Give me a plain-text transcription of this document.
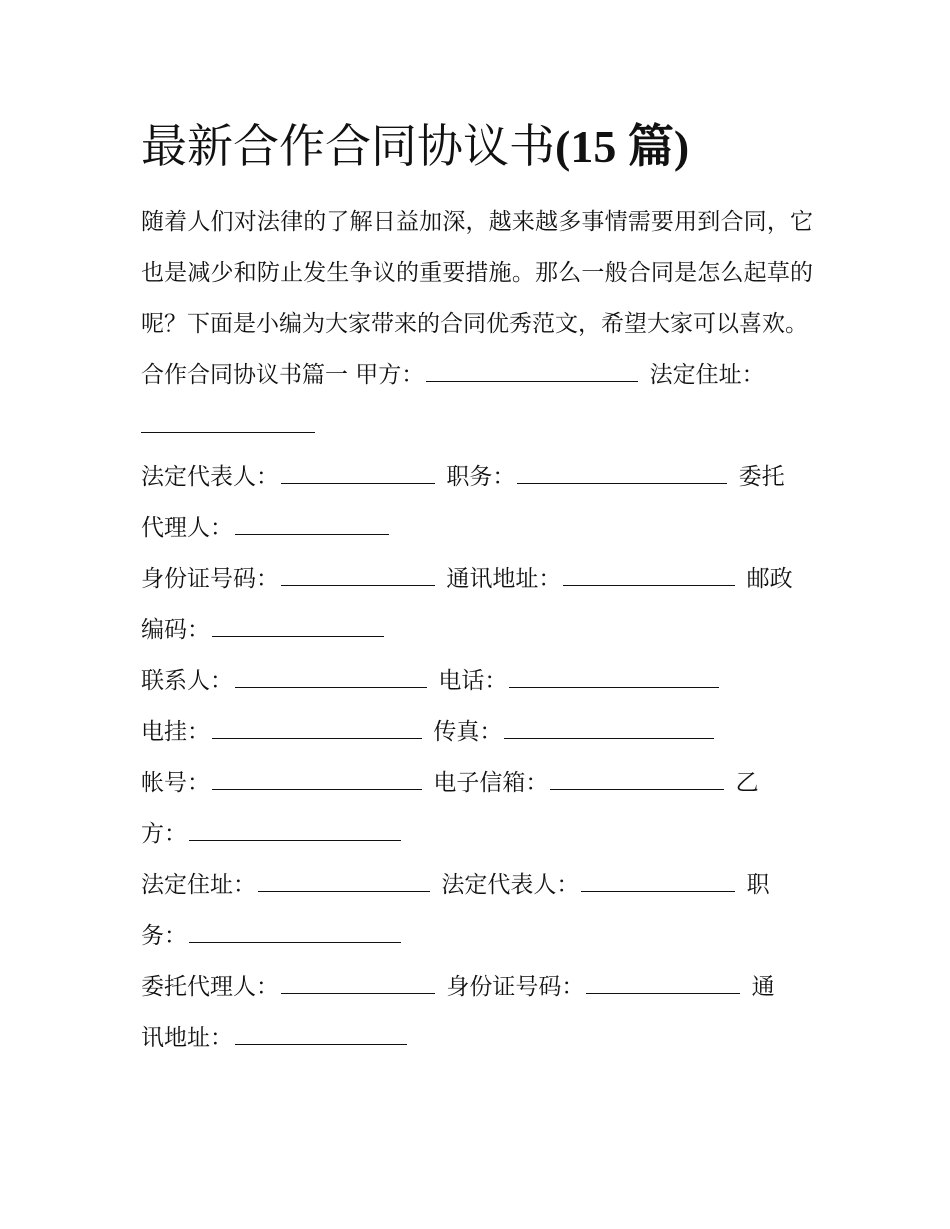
最新合作合同协议书(15 篇)

随着人们对法律的了解日益加深，越来越多事情需要用到合同，它也是减少和防止发生争议的重要措施。那么一般合同是怎么起草的呢？下面是小编为大家带来的合同优秀范文，希望大家可以喜欢。

合作合同协议书篇一 甲方：	法定住址：
法定代表人：	职务：	委托
代理人：
身份证号码：	通讯地址：	邮政
编码：
联系人：	电话：
电挂：	传真：
帐号：	电子信箱：	乙
方：
法定住址：	法定代表人：	职
务：
委托代理人：	身份证号码：	通
讯地址：
